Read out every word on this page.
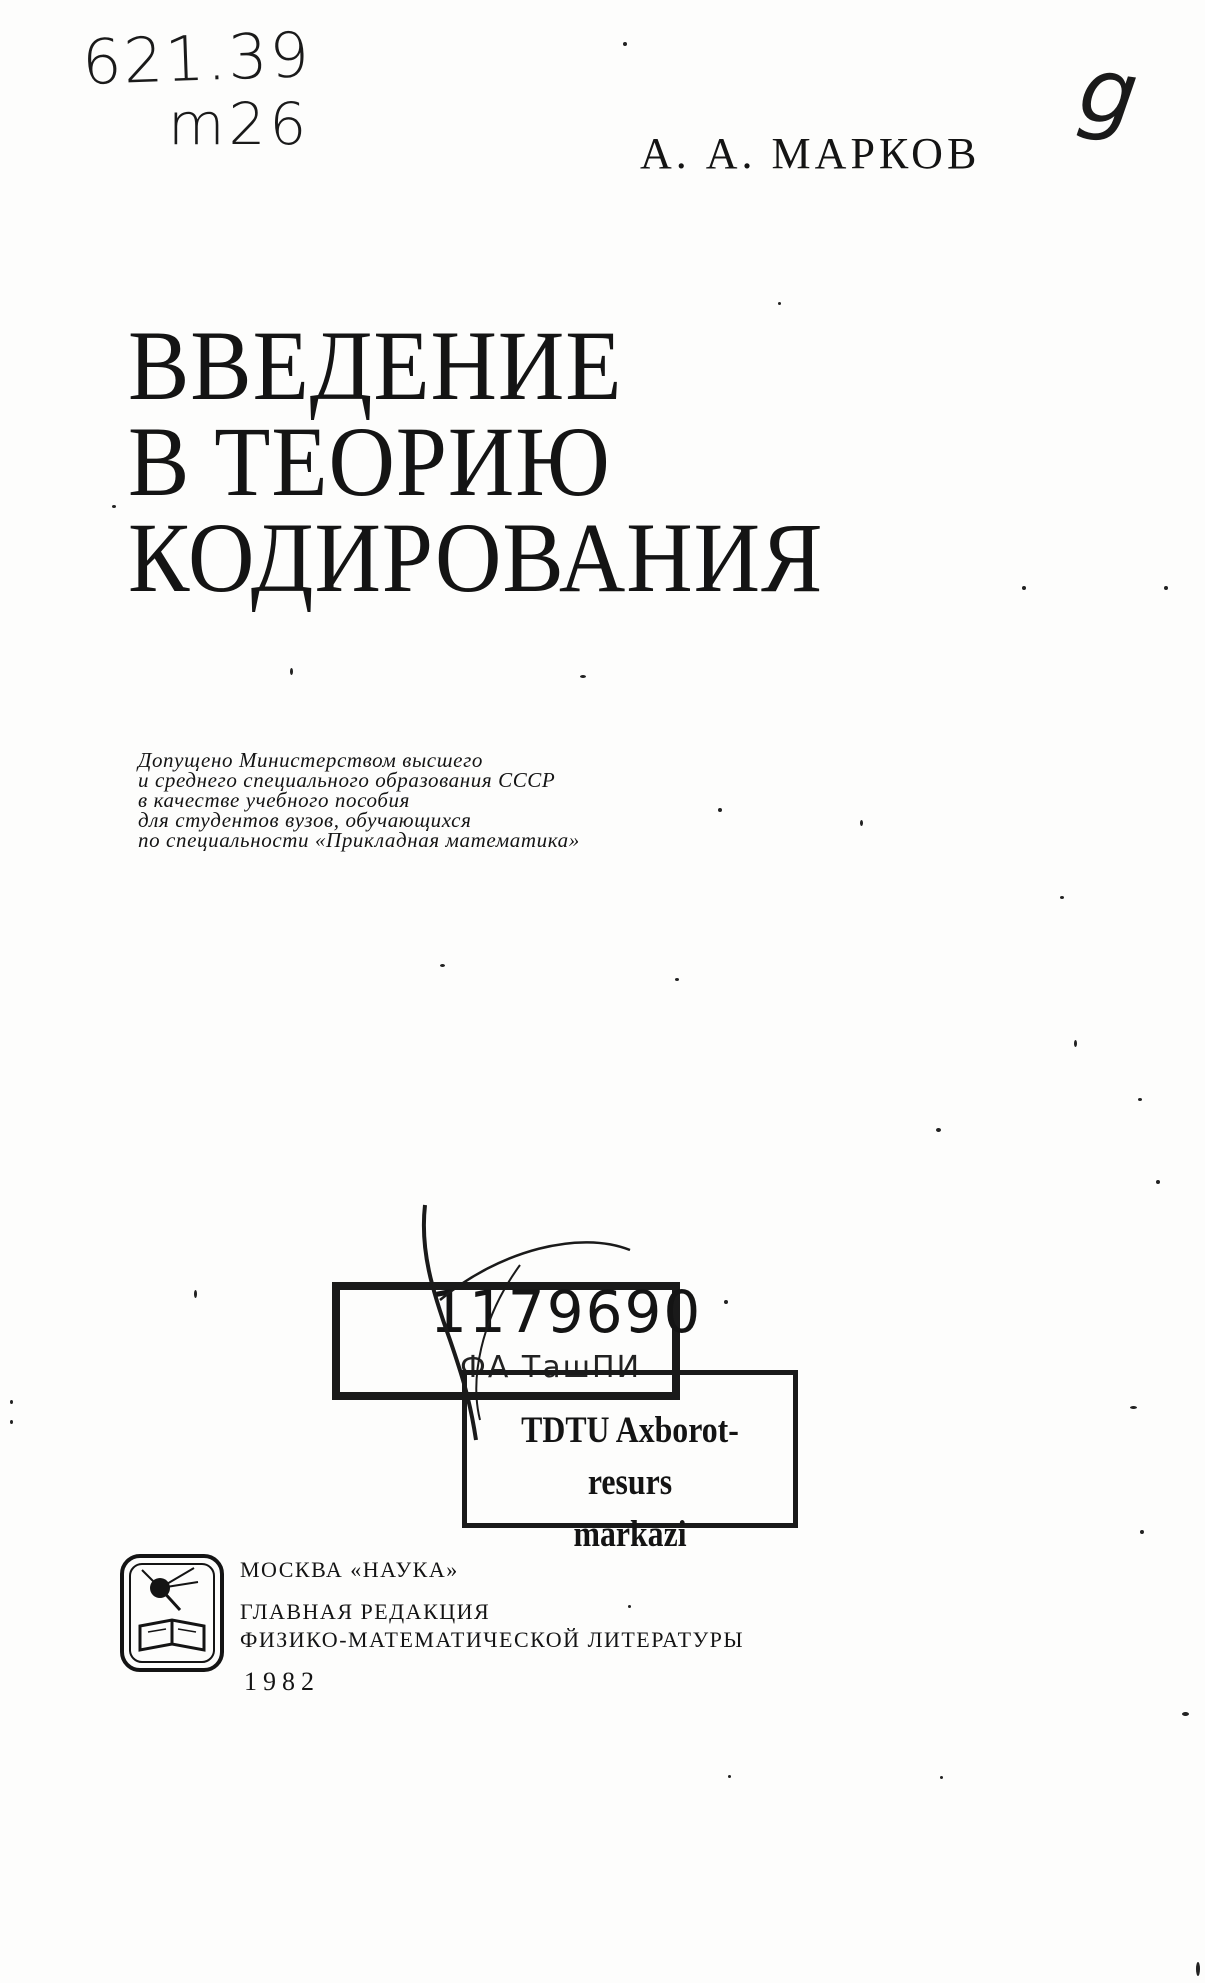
621.39
m26	g
А. А. МАРКОВ
ВВЕДЕНИЕ
В ТЕОРИЮ
КОДИРОВАНИЯ
Допущено Министерством высшего
и среднего специального образования СССР
в качестве учебного пособия
для студентов вузов, обучающихся
по специальности «Прикладная математика»
1179690
ФА ТашПИ
TDTU Axborot-resurs
markazi
МОСКВА «НАУКА»
ГЛАВНАЯ РЕДАКЦИЯ
ФИЗИКО-МАТЕМАТИЧЕСКОЙ ЛИТЕРАТУРЫ
1982
